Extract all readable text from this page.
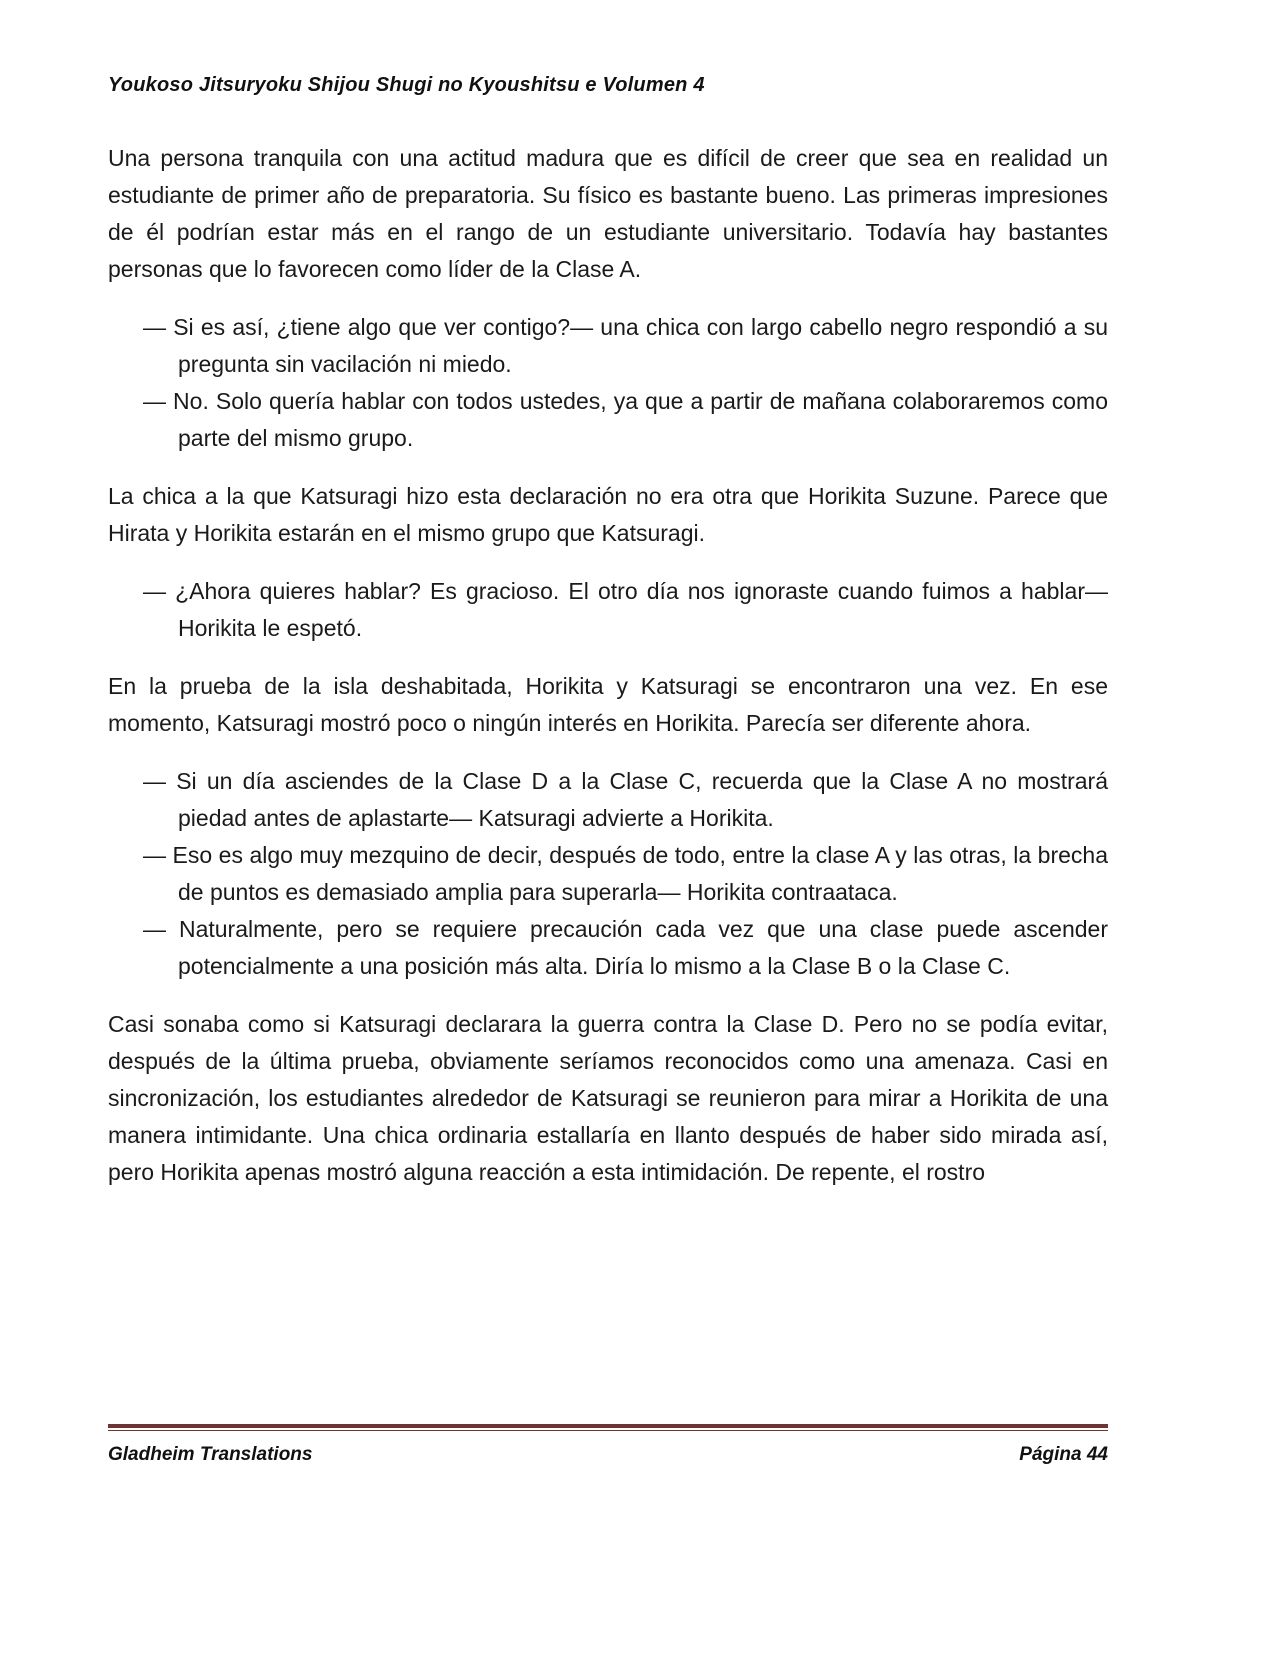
Youkoso Jitsuryoku Shijou Shugi no Kyoushitsu e Volumen 4

Una persona tranquila con una actitud madura que es difícil de creer que sea en realidad un estudiante de primer año de preparatoria. Su físico es bastante bueno. Las primeras impresiones de él podrían estar más en el rango de un estudiante universitario. Todavía hay bastantes personas que lo favorecen como líder de la Clase A.

— Si es así, ¿tiene algo que ver contigo?— una chica con largo cabello negro respondió a su pregunta sin vacilación ni miedo.

— No. Solo quería hablar con todos ustedes, ya que a partir de mañana colaboraremos como parte del mismo grupo.

La chica a la que Katsuragi hizo esta declaración no era otra que Horikita Suzune. Parece que Hirata y Horikita estarán en el mismo grupo que Katsuragi.

— ¿Ahora quieres hablar? Es gracioso. El otro día nos ignoraste cuando fuimos a hablar— Horikita le espetó.

En la prueba de la isla deshabitada, Horikita y Katsuragi se encontraron una vez. En ese momento, Katsuragi mostró poco o ningún interés en Horikita. Parecía ser diferente ahora.

— Si un día asciendes de la Clase D a la Clase C, recuerda que la Clase A no mostrará piedad antes de aplastarte— Katsuragi advierte a Horikita.

— Eso es algo muy mezquino de decir, después de todo, entre la clase A y las otras, la brecha de puntos es demasiado amplia para superarla— Horikita contraataca.

— Naturalmente, pero se requiere precaución cada vez que una clase puede ascender potencialmente a una posición más alta. Diría lo mismo a la Clase B o la Clase C.

Casi sonaba como si Katsuragi declarara la guerra contra la Clase D. Pero no se podía evitar, después de la última prueba, obviamente seríamos reconocidos como una amenaza. Casi en sincronización, los estudiantes alrededor de Katsuragi se reunieron para mirar a Horikita de una manera intimidante. Una chica ordinaria estallaría en llanto después de haber sido mirada así, pero Horikita apenas mostró alguna reacción a esta intimidación. De repente, el rostro

Gladheim Translations	Página 44
